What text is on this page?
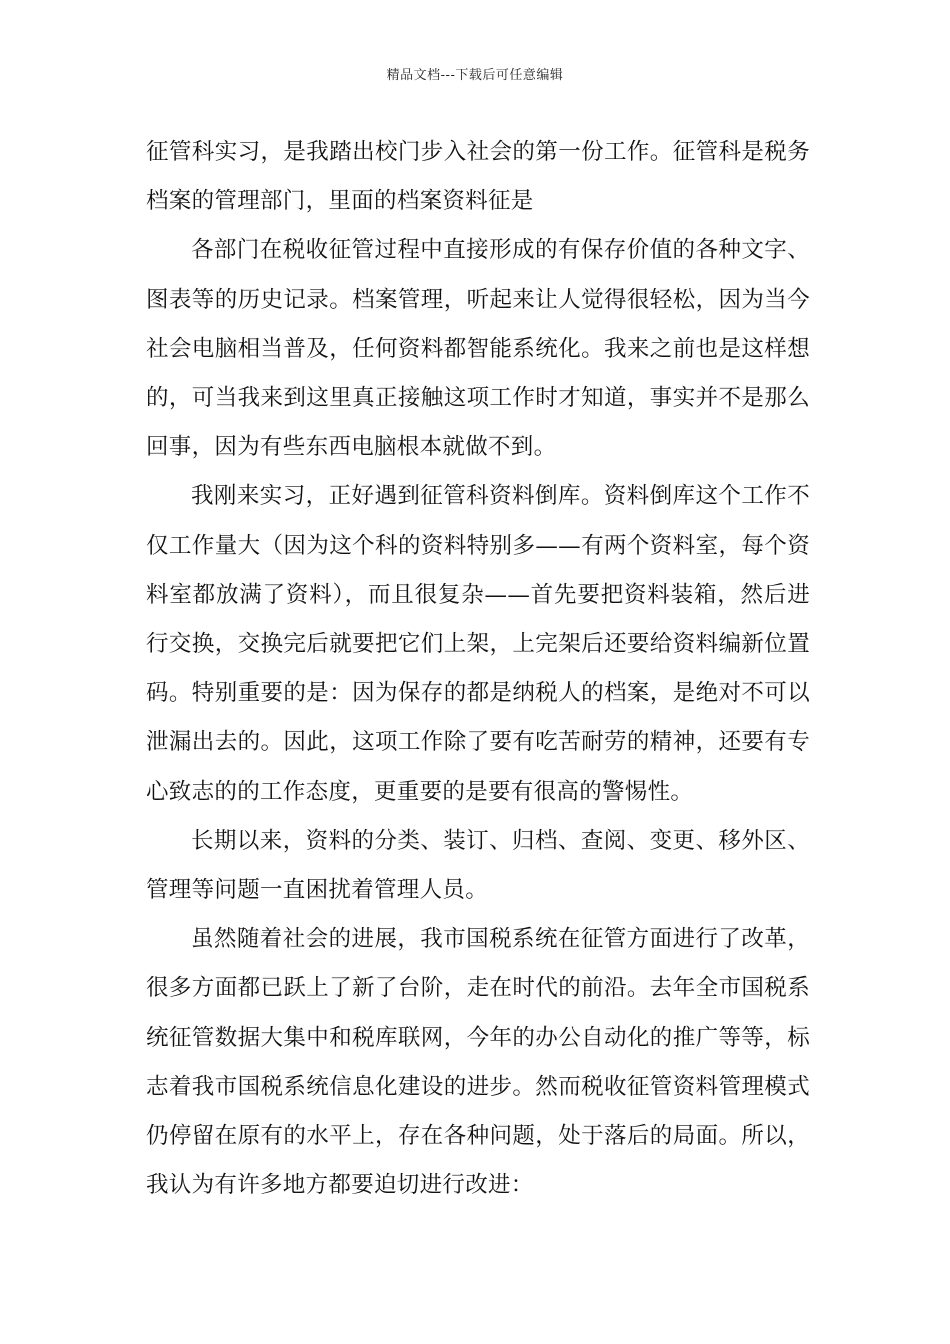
精品文档---下载后可任意编辑

征管科实习，是我踏出校门步入社会的第一份工作。征管科是税务档案的管理部门，里面的档案资料征是

各部门在税收征管过程中直接形成的有保存价值的各种文字、图表等的历史记录。档案管理，听起来让人觉得很轻松，因为当今社会电脑相当普及，任何资料都智能系统化。我来之前也是这样想的，可当我来到这里真正接触这项工作时才知道，事实并不是那么回事，因为有些东西电脑根本就做不到。

我刚来实习，正好遇到征管科资料倒库。资料倒库这个工作不仅工作量大（因为这个科的资料特别多——有两个资料室，每个资料室都放满了资料），而且很复杂——首先要把资料装箱，然后进行交换，交换完后就要把它们上架，上完架后还要给资料编新位置码。特别重要的是：因为保存的都是纳税人的档案，是绝对不可以泄漏出去的。因此，这项工作除了要有吃苦耐劳的精神，还要有专心致志的的工作态度，更重要的是要有很高的警惕性。

长期以来，资料的分类、装订、归档、查阅、变更、移外区、管理等问题一直困扰着管理人员。

虽然随着社会的进展，我市国税系统在征管方面进行了改革，很多方面都已跃上了新了台阶，走在时代的前沿。去年全市国税系统征管数据大集中和税库联网，今年的办公自动化的推广等等，标志着我市国税系统信息化建设的进步。然而税收征管资料管理模式仍停留在原有的水平上，存在各种问题，处于落后的局面。所以，我认为有许多地方都要迫切进行改进：
